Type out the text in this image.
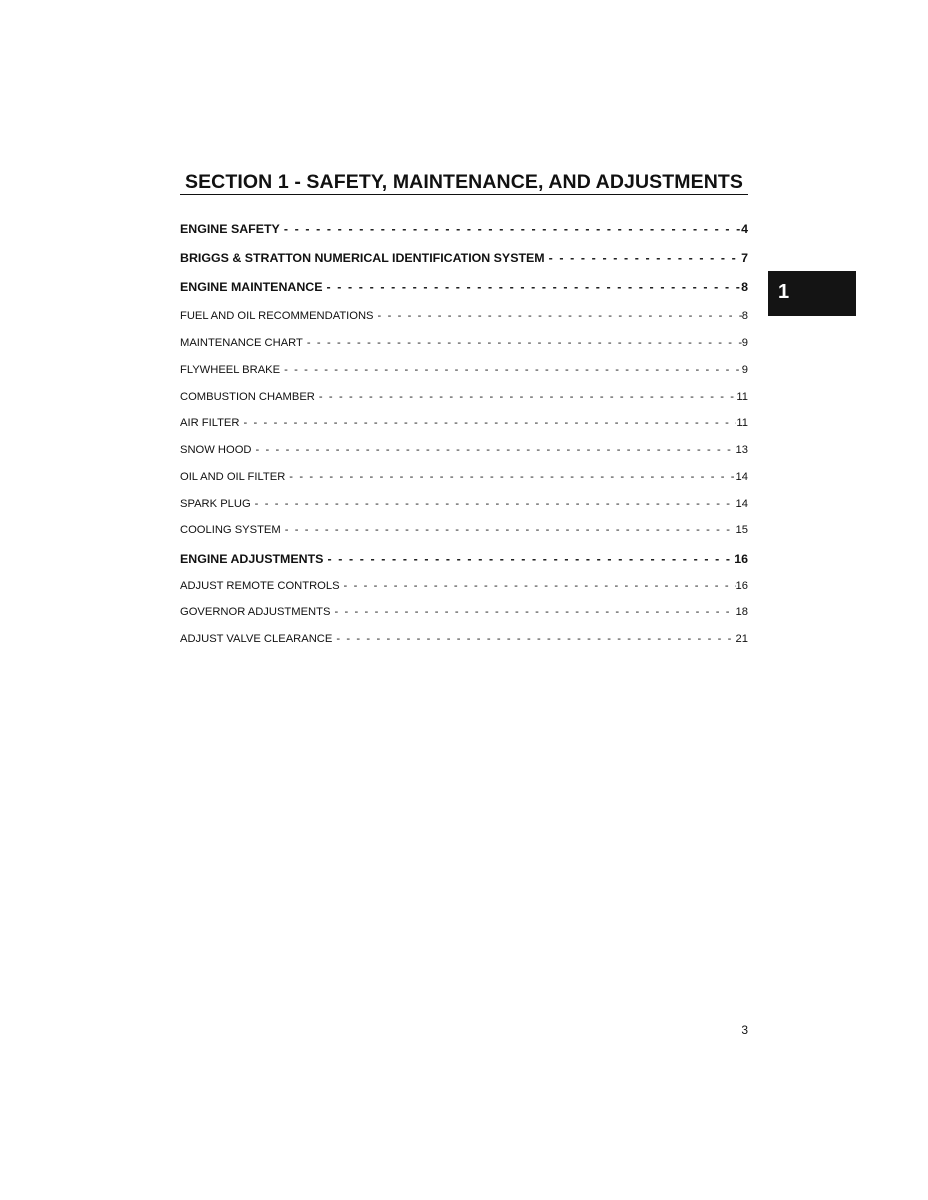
SECTION 1 - SAFETY, MAINTENANCE, AND ADJUSTMENTS
ENGINE SAFETY - - -	4
BRIGGS & STRATTON NUMERICAL IDENTIFICATION SYSTEM - - -	7
ENGINE MAINTENANCE - - -	8
FUEL AND OIL RECOMMENDATIONS - - -	8
MAINTENANCE CHART - - -	9
FLYWHEEL BRAKE - - -	9
COMBUSTION CHAMBER - - -	11
AIR FILTER - - -	11
SNOW HOOD - - -	13
OIL AND OIL FILTER - - -	14
SPARK PLUG - - -	14
COOLING SYSTEM - - -	15
ENGINE ADJUSTMENTS - - -	16
ADJUST REMOTE CONTROLS - - -	16
GOVERNOR ADJUSTMENTS - - -	18
ADJUST VALVE CLEARANCE - - -	21
1
3
